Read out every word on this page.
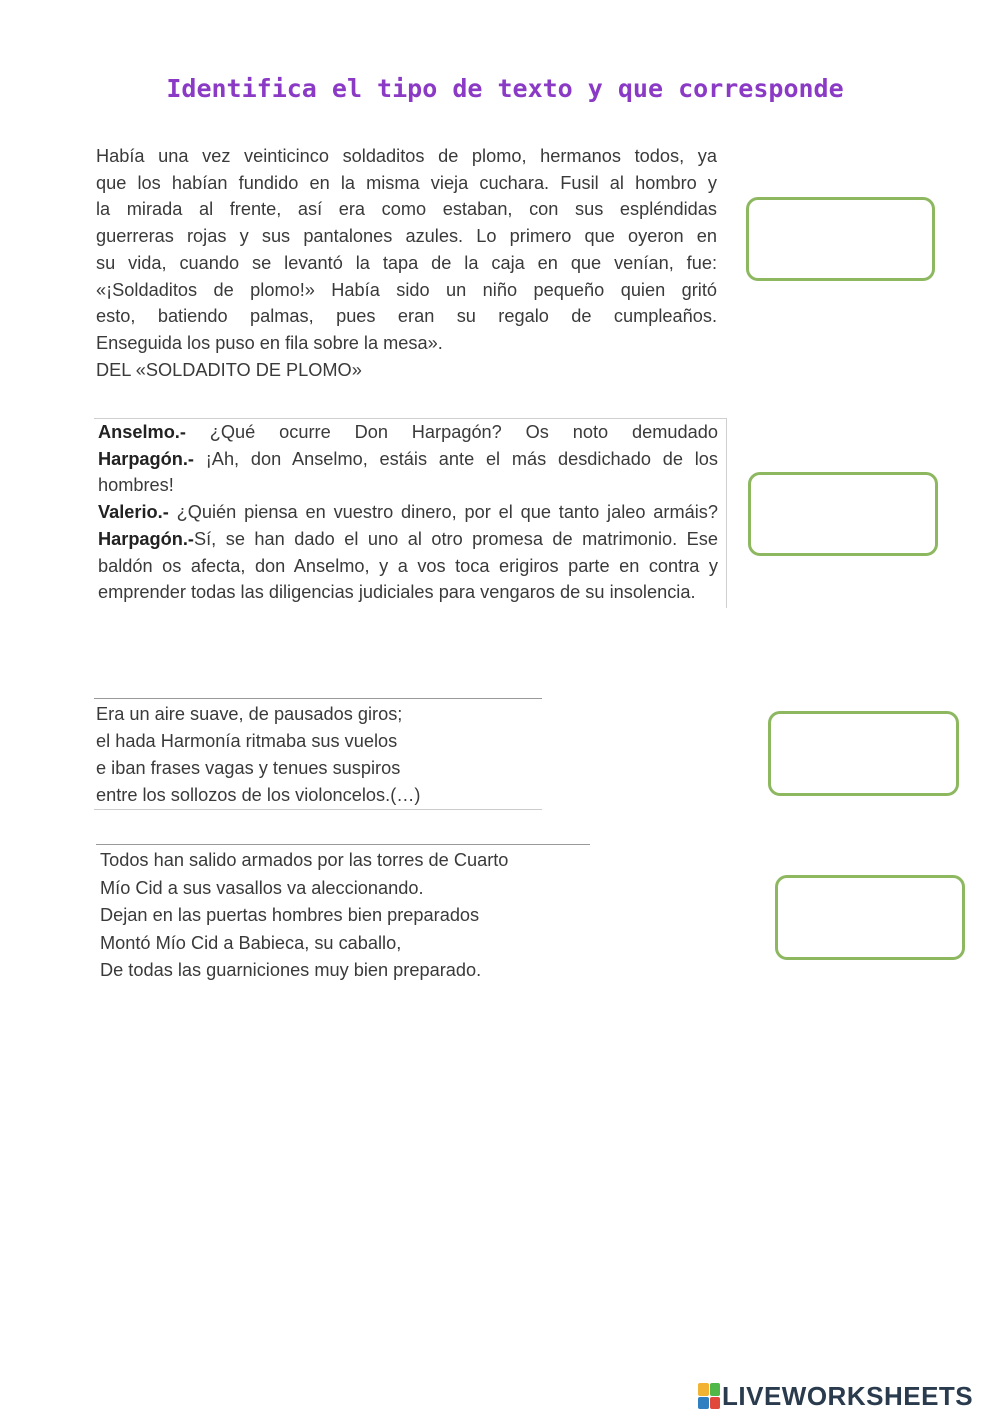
Identifica el tipo de texto y que corresponde

Había una vez veinticinco soldaditos de plomo, hermanos todos, ya

que los habían fundido en la misma vieja cuchara. Fusil al hombro y

la mirada al frente, así era como estaban, con sus espléndidas

guerreras rojas y sus pantalones azules. Lo primero que oyeron en

su vida, cuando se levantó la tapa de la caja en que venían, fue:

«¡Soldaditos de plomo!» Había sido un niño pequeño quien gritó

esto, batiendo palmas, pues eran su regalo de cumpleaños.

Enseguida los puso en fila sobre la mesa».

DEL «SOLDADITO DE PLOMO»

Anselmo.- ¿Qué ocurre Don Harpagón? Os noto demudado

Harpagón.- ¡Ah, don Anselmo, estáis ante el más desdichado de los hombres!

Valerio.- ¿Quién piensa en vuestro dinero, por el que tanto jaleo armáis?

Harpagón.-Sí, se han dado el uno al otro promesa de matrimonio. Ese baldón os afecta, don Anselmo, y a vos toca erigiros parte en contra y emprender todas las diligencias judiciales para vengaros de su insolencia.

Era un aire suave, de pausados giros;

el hada Harmonía ritmaba sus vuelos

e iban frases vagas y tenues suspiros

entre los sollozos de los violoncelos.(…)

Todos han salido armados por las torres de Cuarto

Mío Cid a sus vasallos va aleccionando.

Dejan en las puertas hombres bien preparados

Montó Mío Cid a Babieca, su caballo,

De todas las guarniciones muy bien preparado.

LIVEWORKSHEETS
